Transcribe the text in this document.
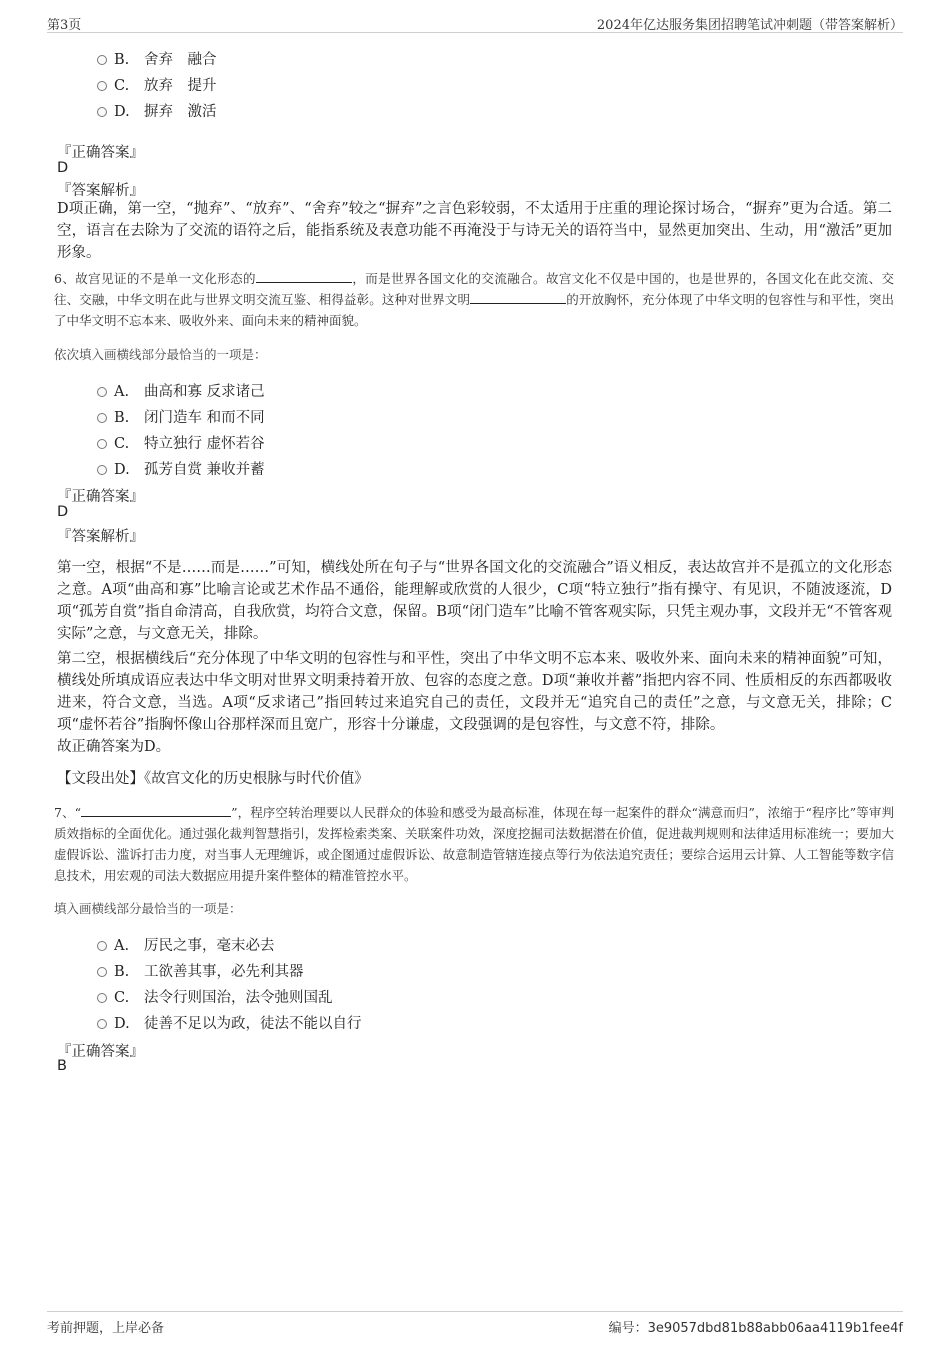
第3页	2024年亿达服务集团招聘笔试冲刺题（带答案解析）
B. 舍弃　融合
C. 放弃　提升
D. 摒弃　激活
『正确答案』
D
『答案解析』
D项正确，第一空，“抛弃”、“放弃”、“舍弃”较之“摒弃”之言色彩较弱，不太适用于庄重的理论探讨场合，“摒弃”更为合适。第二空，语言在去除为了交流的语符之后，能指系统及表意功能不再淹没于与诗无关的语符当中，显然更加突出、生动，用“激活”更加形象。
6、故宫见证的不是单一文化形态的	，而是世界各国文化的交流融合。故宫文化不仅是中国的，也是世界的，各国文化在此交流、交往、交融，中华文明在此与世界文明交流互鉴、相得益彰。这种对世界文明	的开放胸怀，充分体现了中华文明的包容性与和平性，突出了中华文明不忘本来、吸收外来、面向未来的精神面貌。
依次填入画横线部分最恰当的一项是：
A. 曲高和寡 反求诸己
B. 闭门造车 和而不同
C. 特立独行 虚怀若谷
D. 孤芳自赏 兼收并蓄
『正确答案』
D
『答案解析』
第一空，根据“不是……而是……”可知，横线处所在句子与“世界各国文化的交流融合”语义相反，表达故宫并不是孤立的文化形态之意。A项“曲高和寡”比喻言论或艺术作品不通俗，能理解或欣赏的人很少，C项“特立独行”指有操守、有见识，不随波逐流，D项“孤芳自赏”指自命清高，自我欣赏，均符合文意，保留。B项“闭门造车”比喻不管客观实际，只凭主观办事，文段并无“不管客观实际”之意，与文意无关，排除。
第二空，根据横线后“充分体现了中华文明的包容性与和平性，突出了中华文明不忘本来、吸收外来、面向未来的精神面貌”可知，横线处所填成语应表达中华文明对世界文明秉持着开放、包容的态度之意。D项“兼收并蓄”指把内容不同、性质相反的东西都吸收进来，符合文意，当选。A项“反求诸己”指回转过来追究自己的责任，文段并无“追究自己的责任”之意，与文意无关，排除；C项“虚怀若谷”指胸怀像山谷那样深而且宽广，形容十分谦虚，文段强调的是包容性，与文意不符，排除。
故正确答案为D。
【文段出处】《故宫文化的历史根脉与时代价值》
7、“	”，程序空转治理要以人民群众的体验和感受为最高标准，体现在每一起案件的群众“满意而归”，浓缩于“程序比”等审判质效指标的全面优化。通过强化裁判智慧指引，发挥检索类案、关联案件功效，深度挖掘司法数据潜在价值，促进裁判规则和法律适用标准统一；要加大虚假诉讼、滥诉打击力度，对当事人无理缠诉，或企图通过虚假诉讼、故意制造管辖连接点等行为依法追究责任；要综合运用云计算、人工智能等数字信息技术，用宏观的司法大数据应用提升案件整体的精准管控水平。
填入画横线部分最恰当的一项是：
A. 厉民之事，毫末必去
B. 工欲善其事，必先利其器
C. 法令行则国治，法令弛则国乱
D. 徒善不足以为政，徒法不能以自行
『正确答案』
B
考前押题，上岸必备	编号：3e9057dbd81b88abb06aa4119b1fee4f
